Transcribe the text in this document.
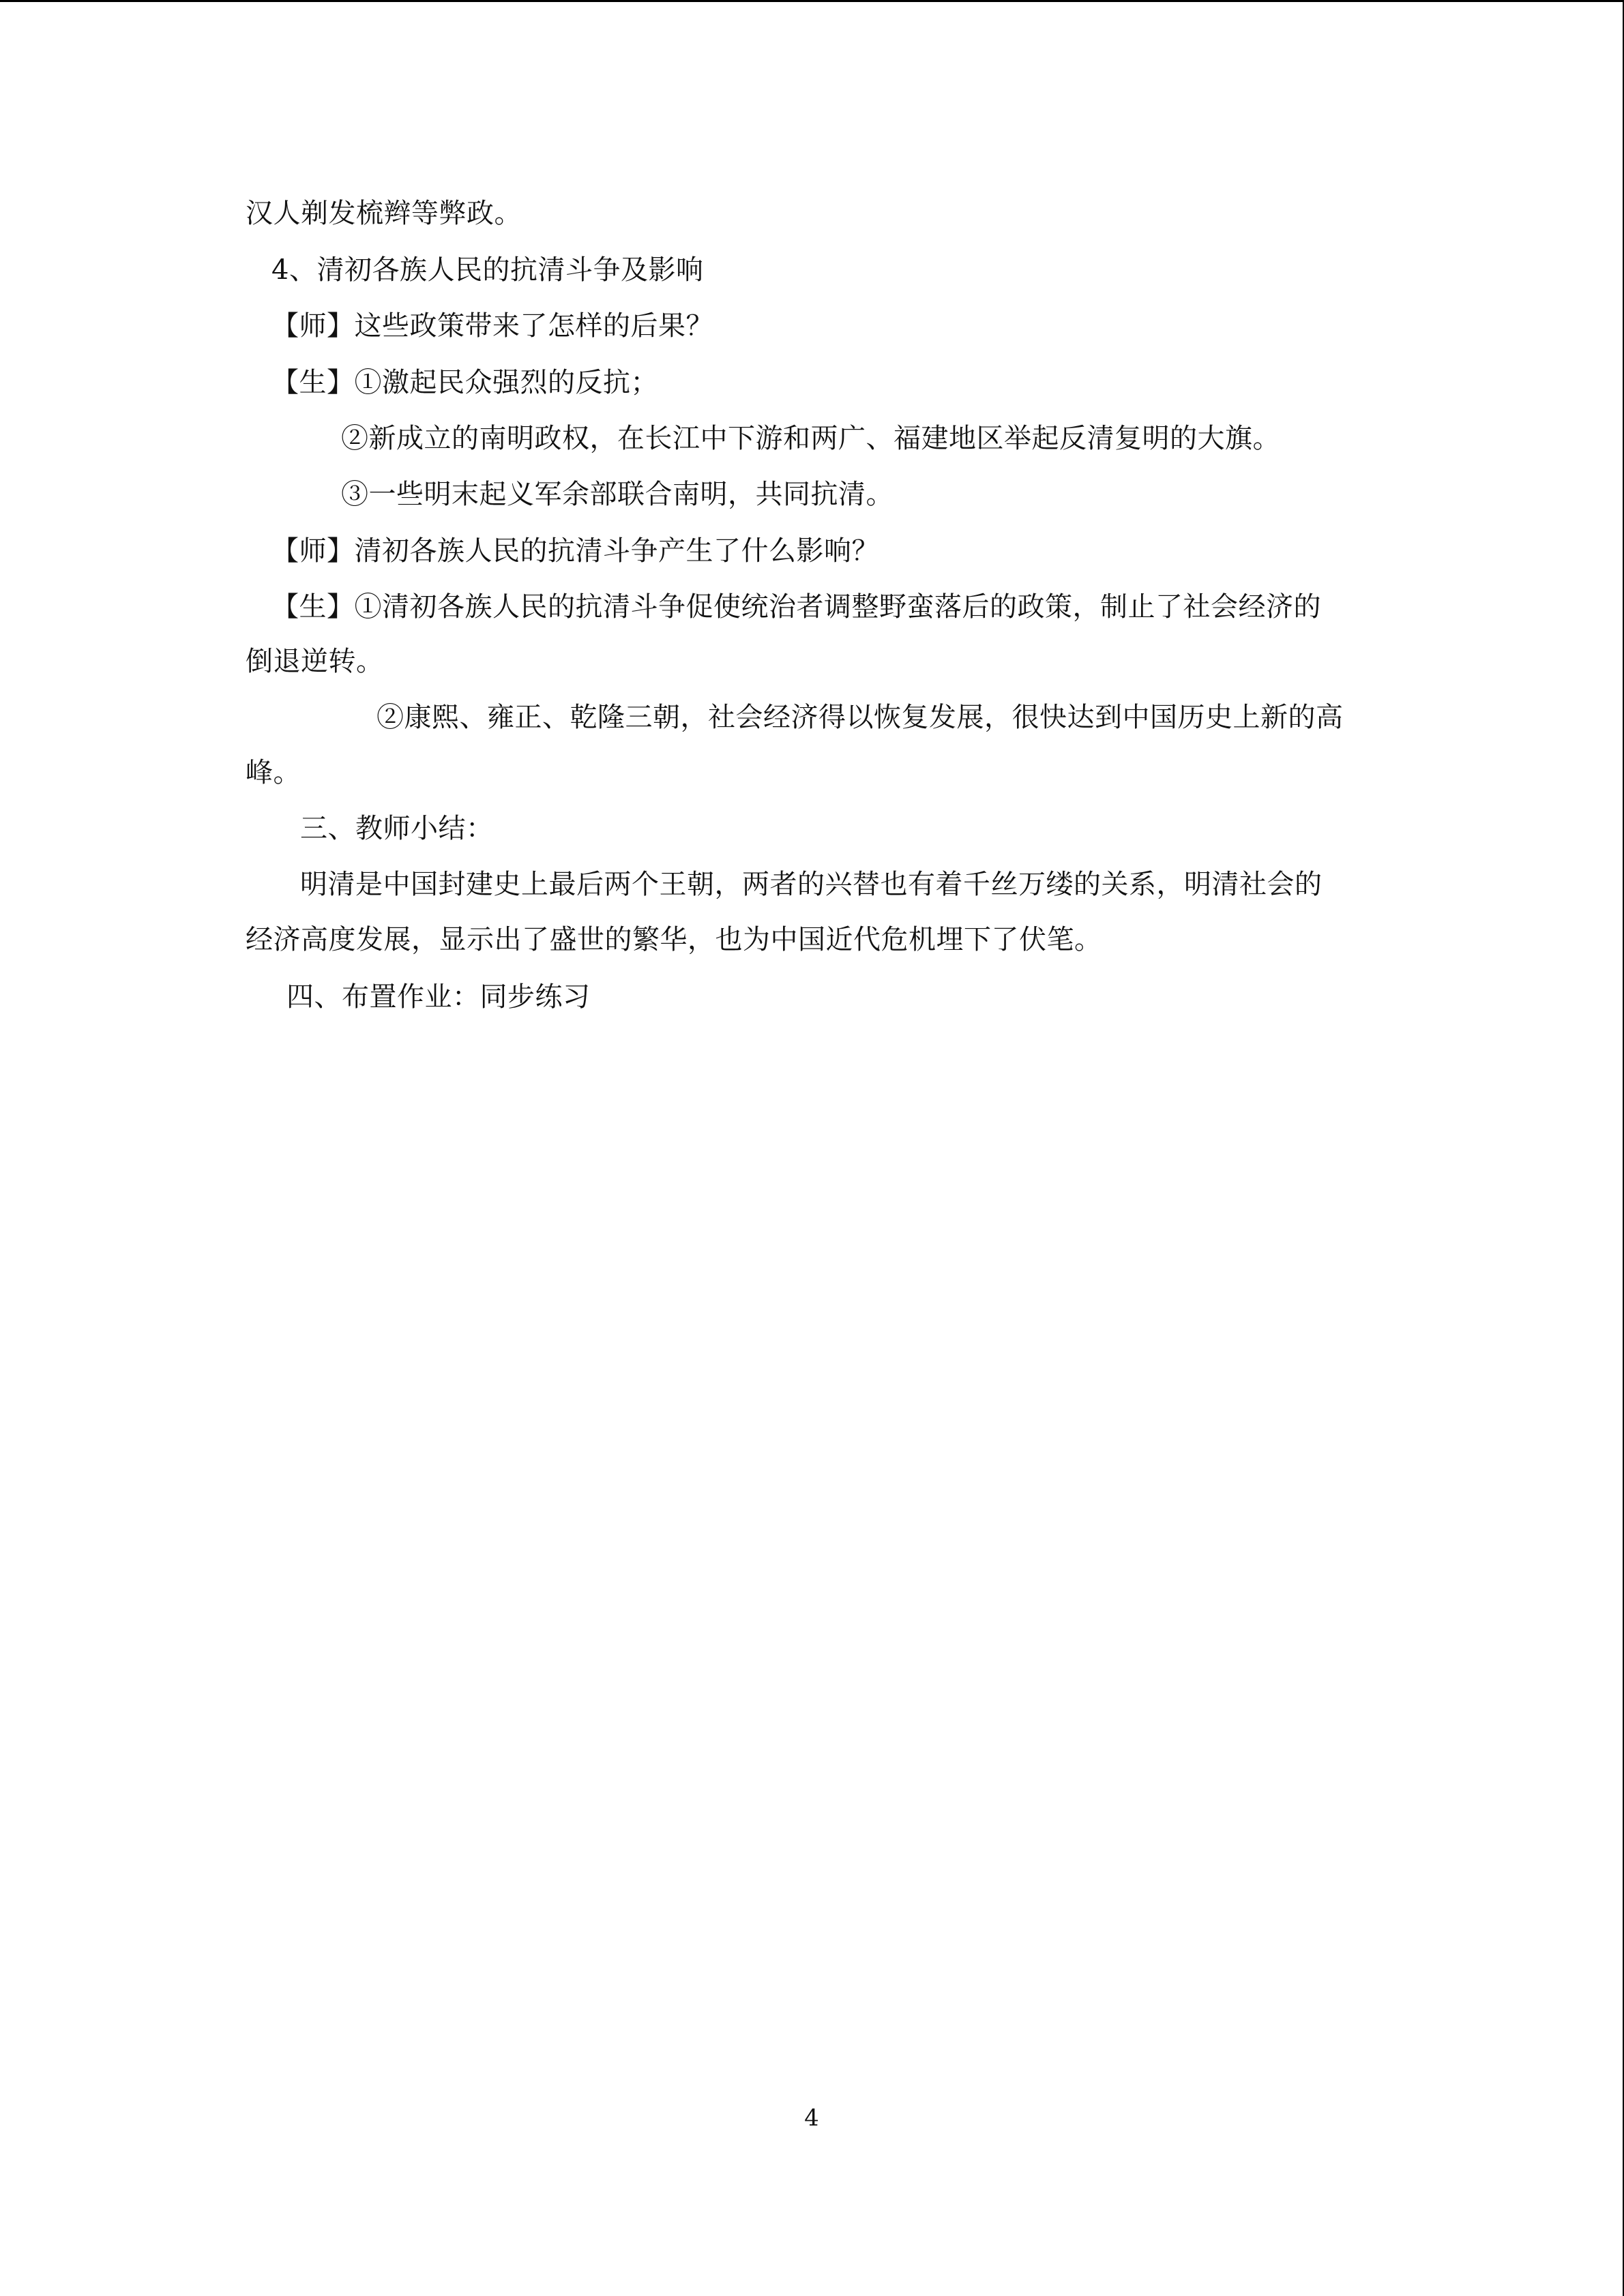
汉人剃发梳辫等弊政。
4、清初各族人民的抗清斗争及影响
【师】这些政策带来了怎样的后果？
【生】①激起民众强烈的反抗；
②新成立的南明政权，在长江中下游和两广、福建地区举起反清复明的大旗。
③一些明末起义军余部联合南明，共同抗清。
【师】清初各族人民的抗清斗争产生了什么影响？
【生】①清初各族人民的抗清斗争促使统治者调整野蛮落后的政策，制止了社会经济的
倒退逆转。
②康熙、雍正、乾隆三朝，社会经济得以恢复发展，很快达到中国历史上新的高
峰。
三、教师小结：
明清是中国封建史上最后两个王朝，两者的兴替也有着千丝万缕的关系，明清社会的
经济高度发展，显示出了盛世的繁华，也为中国近代危机埋下了伏笔。
四、布置作业：同步练习
4
